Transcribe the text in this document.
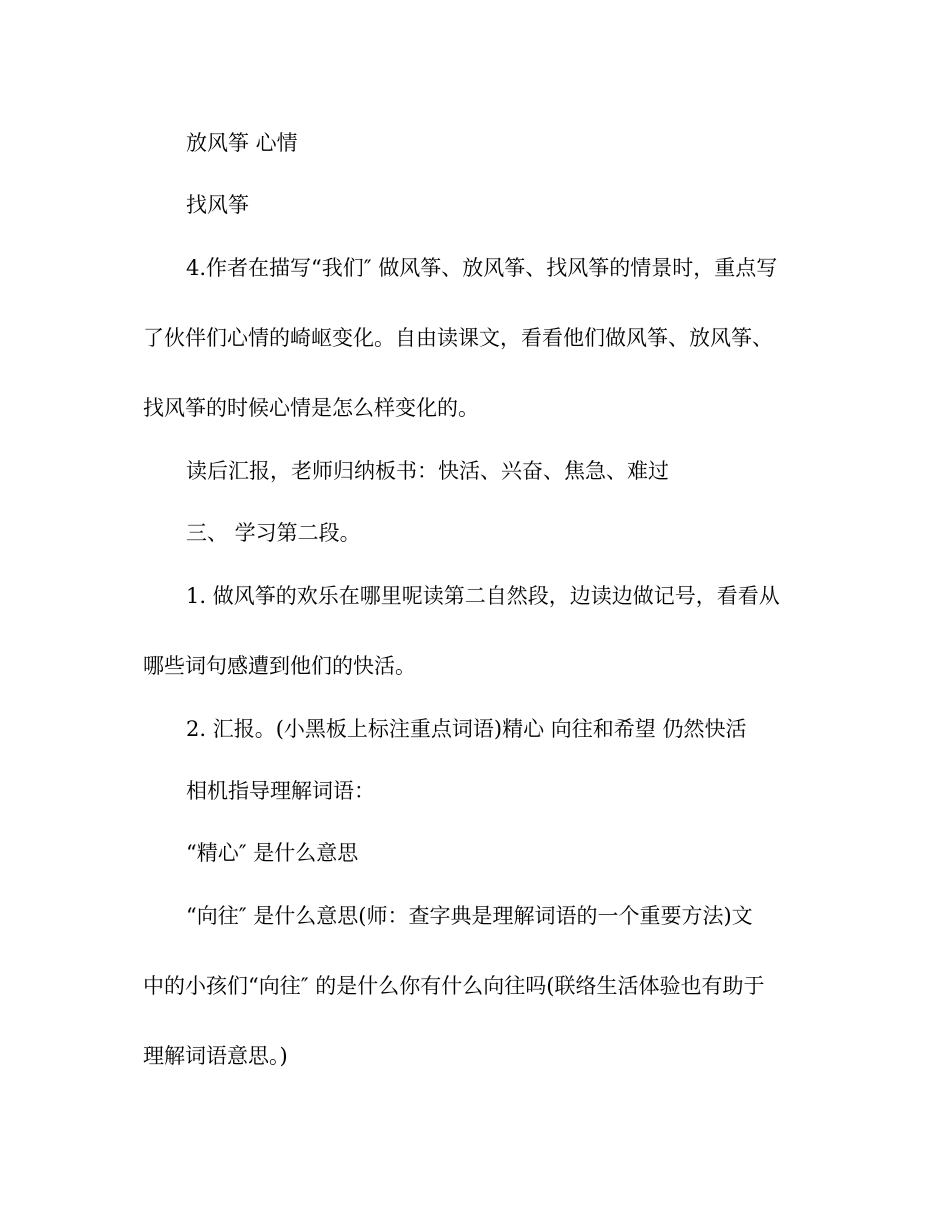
放风筝 心情
找风筝
4.作者在描写“我们″ 做风筝、放风筝、找风筝的情景时，重点写
了伙伴们心情的崎岖变化。自由读课文，看看他们做风筝、放风筝、
找风筝的时候心情是怎么样变化的。
读后汇报，老师归纳板书：快活、兴奋、焦急、难过
三、 学习第二段。
1. 做风筝的欢乐在哪里呢读第二自然段，边读边做记号，看看从
哪些词句感遭到他们的快活。
2. 汇报。(小黑板上标注重点词语)精心 向往和希望 仍然快活
相机指导理解词语：
“精心″ 是什么意思
“向往″ 是什么意思(师：查字典是理解词语的一个重要方法)文
中的小孩们“向往″ 的是什么你有什么向往吗(联络生活体验也有助于
理解词语意思。)
